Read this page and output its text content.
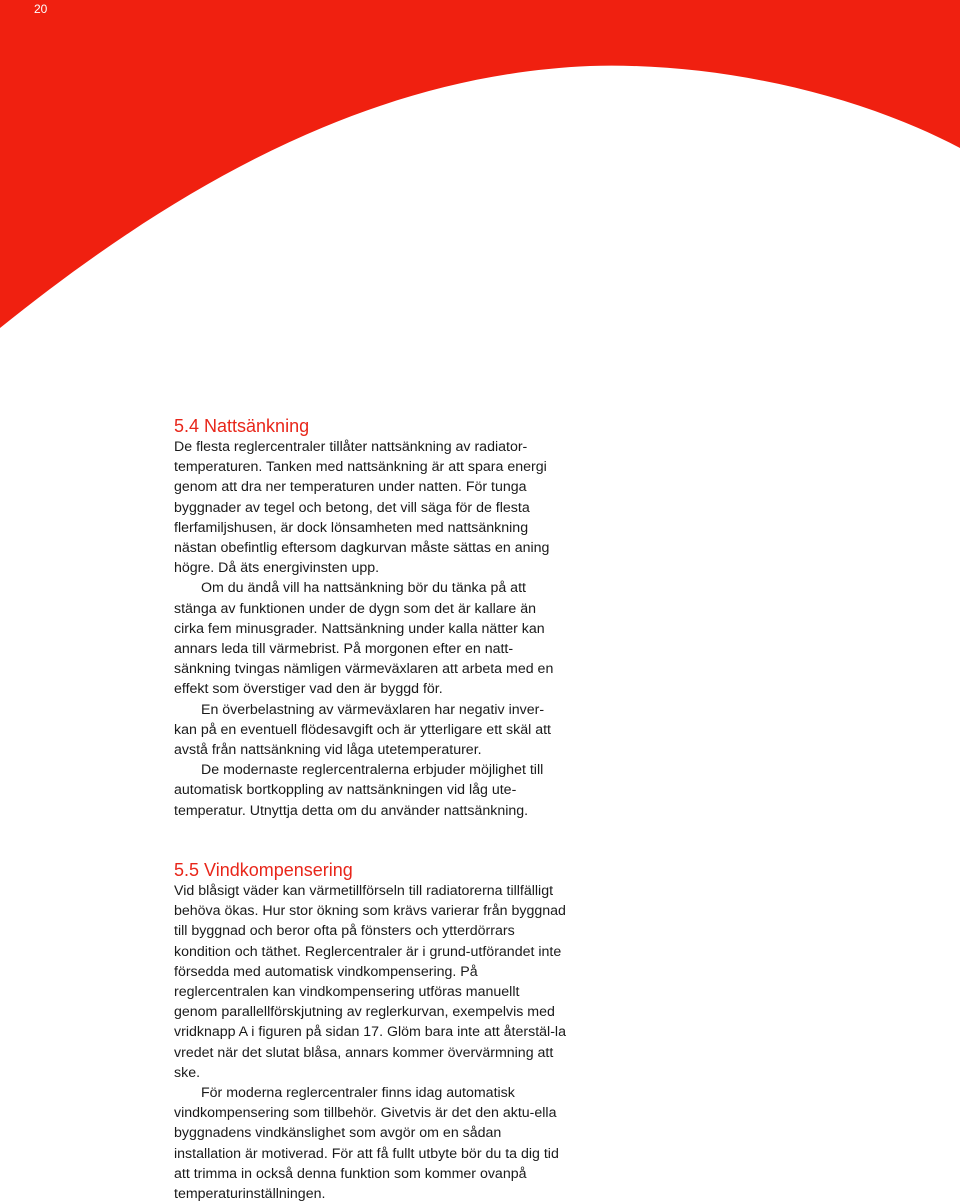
20
5.4 Nattsänkning

De flesta reglercentraler tillåter nattsänkning av radiator-temperaturen. Tanken med nattsänkning är att spara energi genom att dra ner temperaturen under natten. För tunga byggnader av tegel och betong, det vill säga för de flesta flerfamiljshusen, är dock lönsamheten med nattsänkning nästan obefintlig eftersom dagkurvan måste sättas en aning högre. Då äts energivinsten upp.

Om du ändå vill ha nattsänkning bör du tänka på att stänga av funktionen under de dygn som det är kallare än cirka fem minusgrader. Nattsänkning under kalla nätter kan annars leda till värmebrist. På morgonen efter en natt-sänkning tvingas nämligen värmeväxlaren att arbeta med en effekt som överstiger vad den är byggd för.

En överbelastning av värmeväxlaren har negativ inver-kan på en eventuell flödesavgift och är ytterligare ett skäl att avstå från nattsänkning vid låga utetemperaturer.

De modernaste reglercentralerna erbjuder möjlighet till automatisk bortkoppling av nattsänkningen vid låg ute-temperatur. Utnyttja detta om du använder nattsänkning.

5.5 Vindkompensering

Vid blåsigt väder kan värmetillförseln till radiatorerna tillfälligt behöva ökas. Hur stor ökning som krävs varierar från byggnad till byggnad och beror ofta på fönsters och ytterdörrars kondition och täthet. Reglercentraler är i grund-utförandet inte försedda med automatisk vindkompensering. På reglercentralen kan vindkompensering utföras manuellt genom parallellförskjutning av reglerkurvan, exempelvis med vridknapp A i figuren på sidan 17. Glöm bara inte att återstäl-la vredet när det slutat blåsa, annars kommer övervärmning att ske.

För moderna reglercentraler finns idag automatisk vindkompensering som tillbehör. Givetvis är det den aktu-ella byggnadens vindkänslighet som avgör om en sådan installation är motiverad. För att få fullt utbyte bör du ta dig tid att trimma in också denna funktion som kommer ovanpå temperaturinställningen.
